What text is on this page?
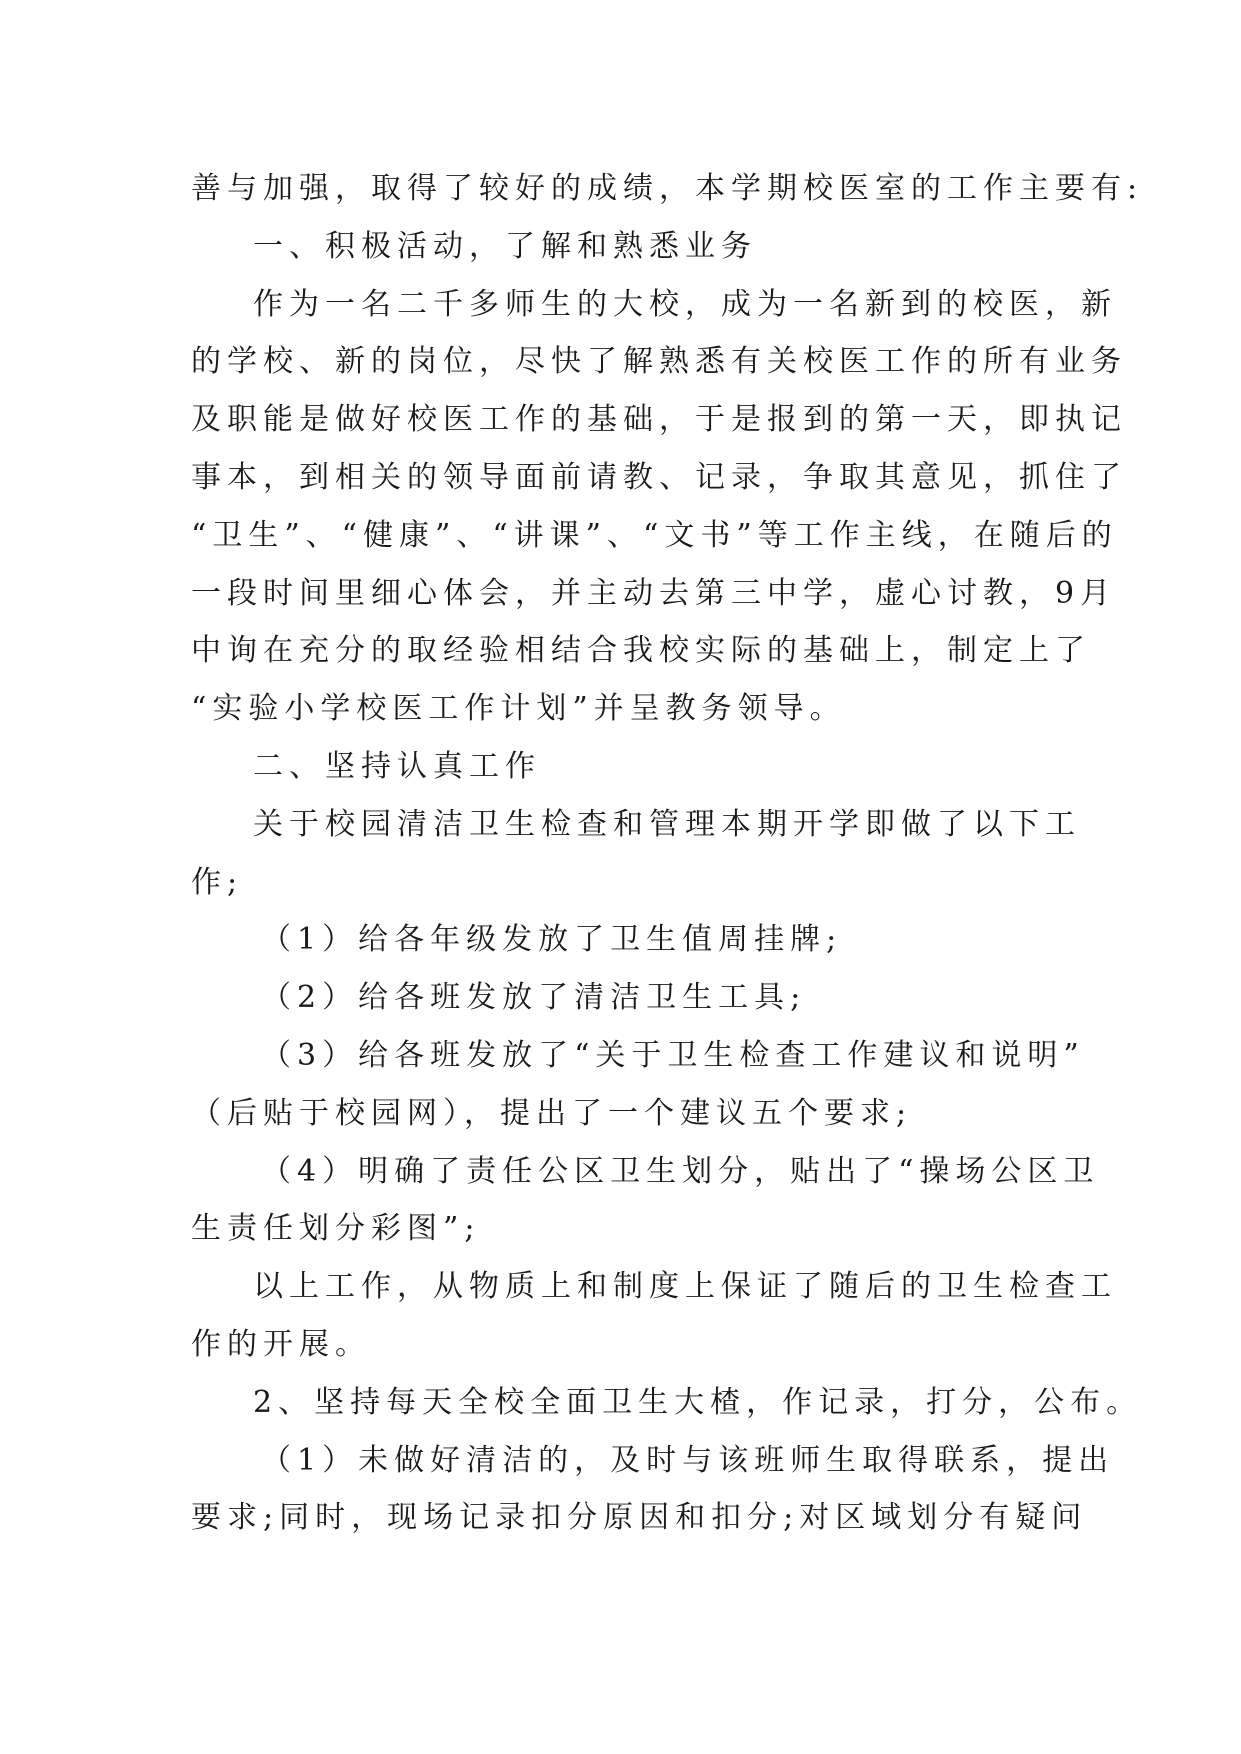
善与加强，取得了较好的成绩，本学期校医室的工作主要有:
一、积极活动，了解和熟悉业务
作为一名二千多师生的大校，成为一名新到的校医，新
的学校、新的岗位，尽快了解熟悉有关校医工作的所有业务
及职能是做好校医工作的基础，于是报到的第一天，即执记
事本，到相关的领导面前请教、记录，争取其意见，抓住了
“卫生”、“健康”、“讲课”、“文书”等工作主线，在随后的
一段时间里细心体会，并主动去第三中学，虚心讨教，9月
中询在充分的取经验相结合我校实际的基础上，制定上了
“实验小学校医工作计划”并呈教务领导。
二、坚持认真工作
关于校园清洁卫生检查和管理本期开学即做了以下工
作;
（1）给各年级发放了卫生值周挂牌;
（2）给各班发放了清洁卫生工具;
（3）给各班发放了“关于卫生检查工作建议和说明”
（后贴于校园网），提出了一个建议五个要求;
（4）明确了责任公区卫生划分，贴出了“操场公区卫
生责任划分彩图”;
以上工作，从物质上和制度上保证了随后的卫生检查工
作的开展。
2、坚持每天全校全面卫生大楂，作记录，打分，公布。
（1）未做好清洁的，及时与该班师生取得联系，提出
要求;同时，现场记录扣分原因和扣分;对区域划分有疑问
